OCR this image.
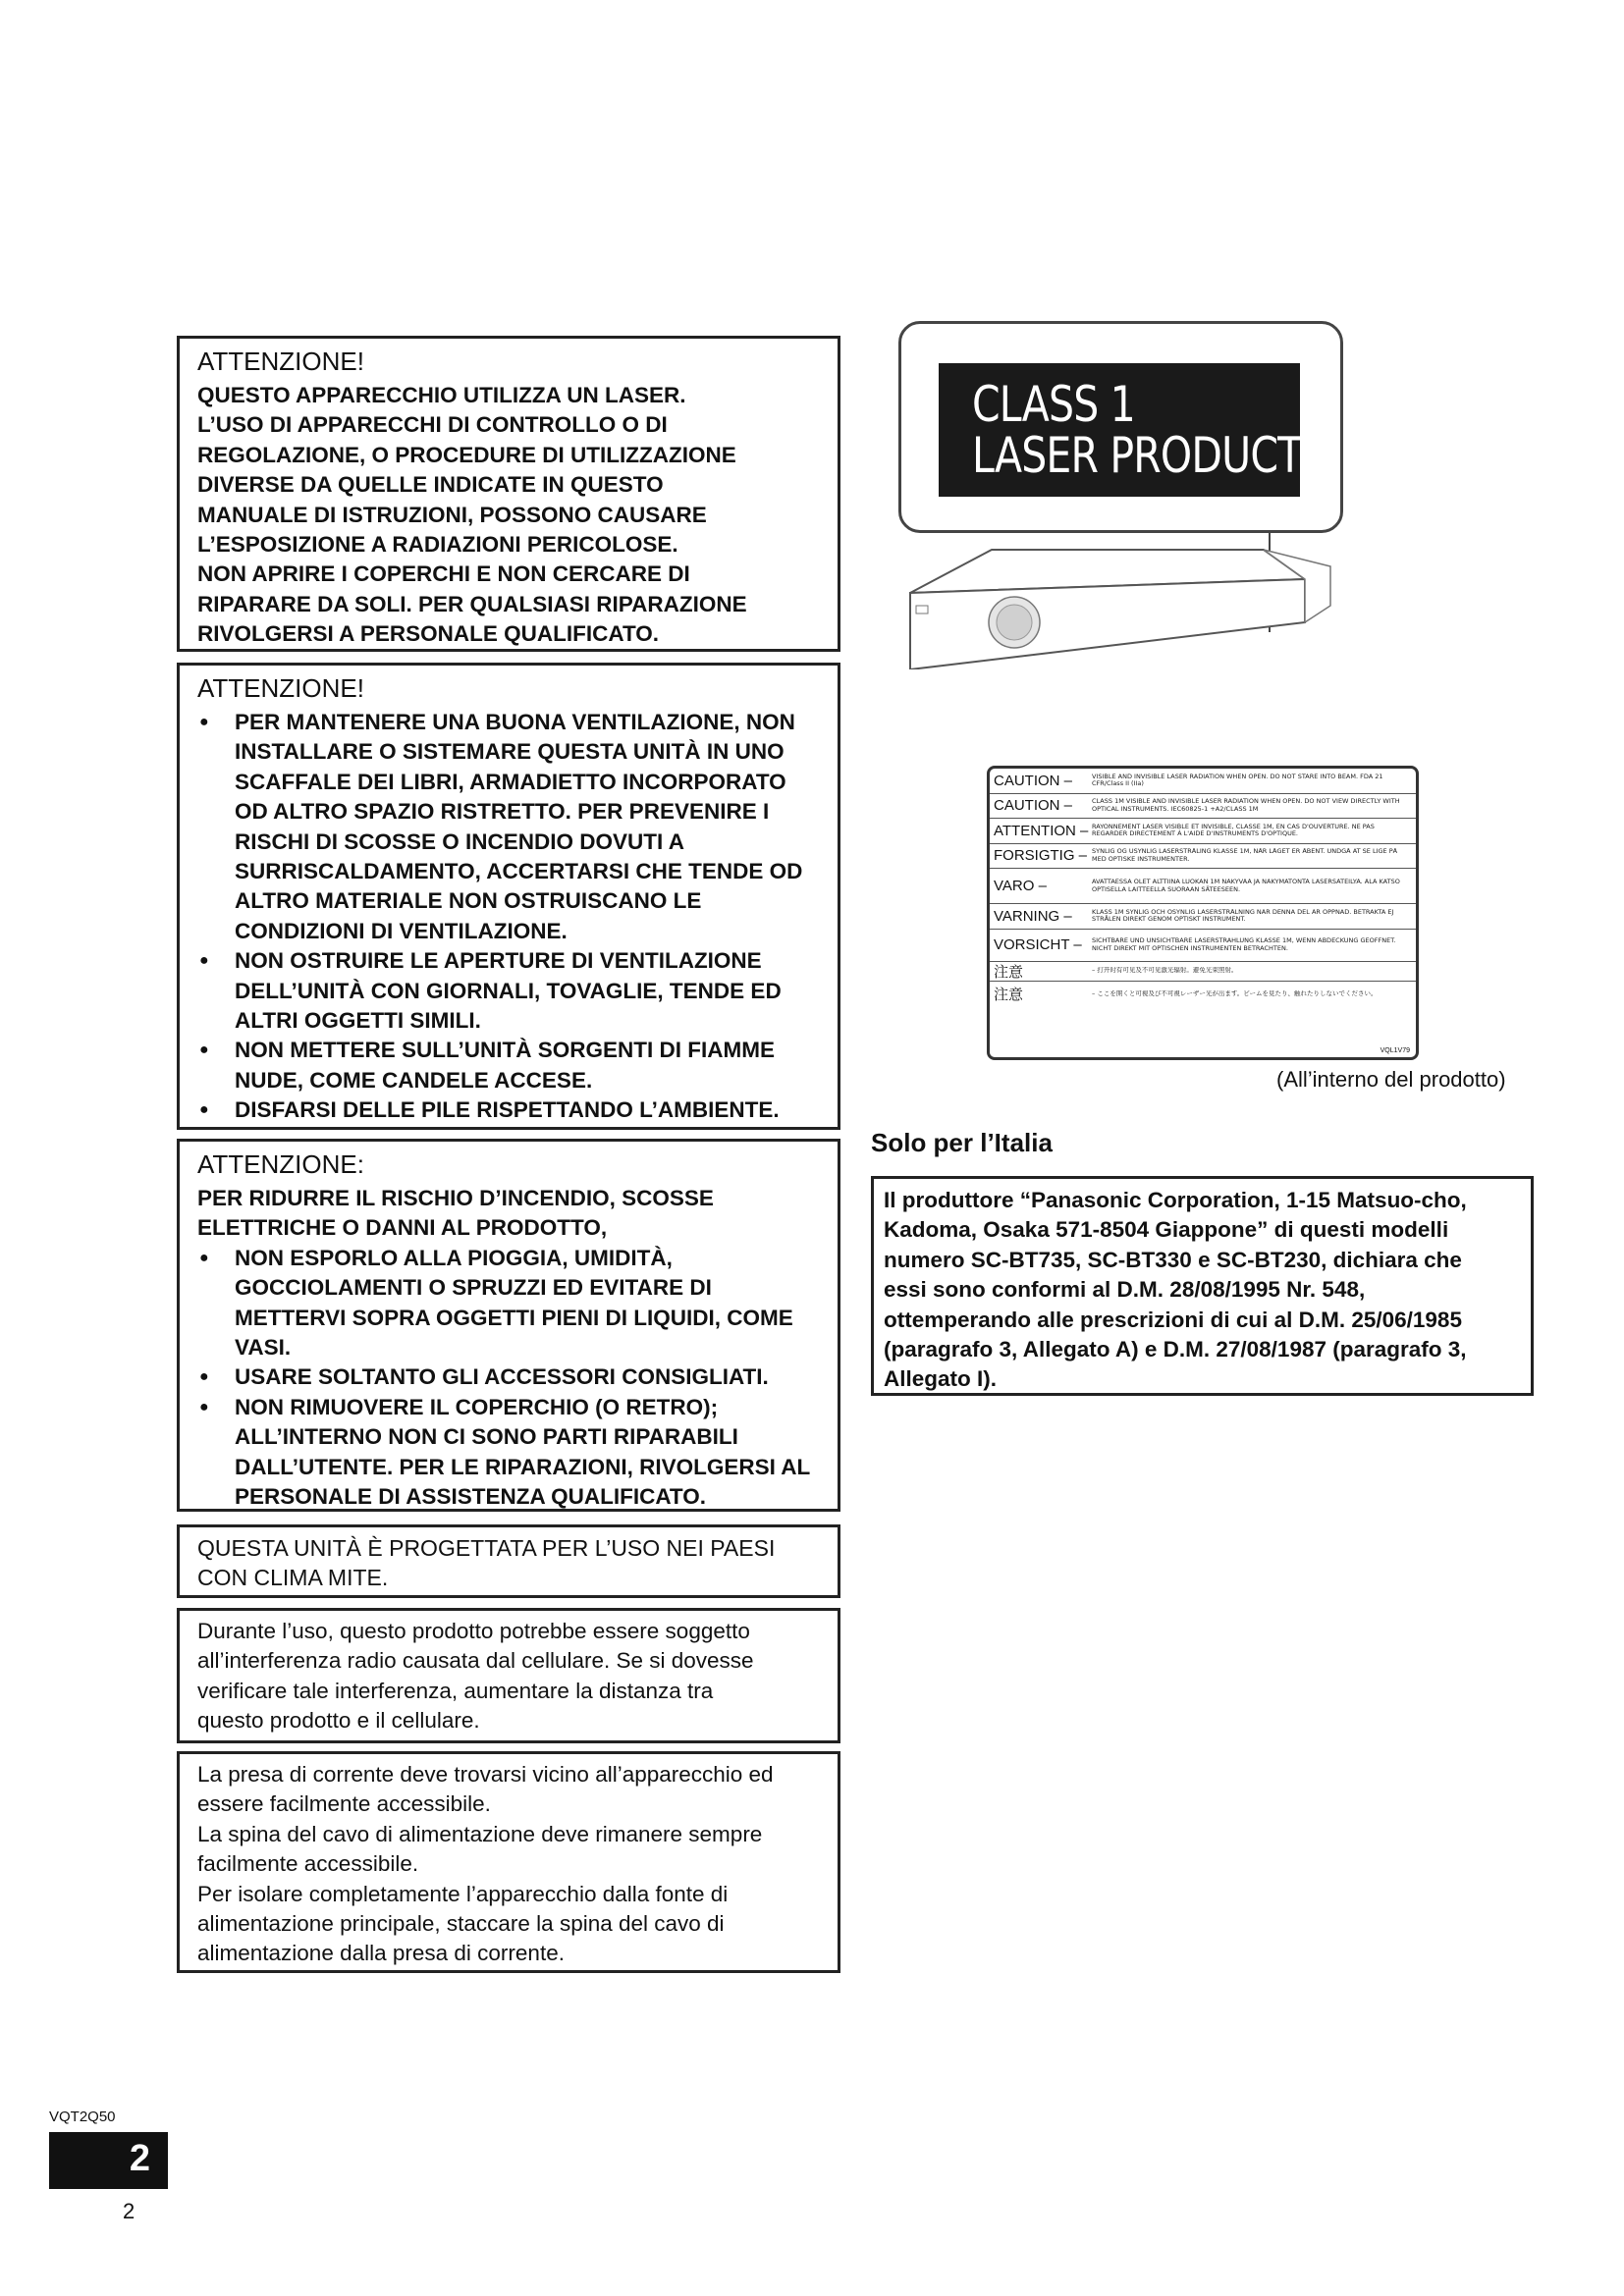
ATTENZIONE!

QUESTO APPARECCHIO UTILIZZA UN LASER.

L’USO DI APPARECCHI DI CONTROLLO O DI

REGOLAZIONE, O PROCEDURE DI UTILIZZAZIONE

DIVERSE DA QUELLE INDICATE IN QUESTO

MANUALE DI ISTRUZIONI, POSSONO CAUSARE

L’ESPOSIZIONE A RADIAZIONI PERICOLOSE.

NON APRIRE I COPERCHI E NON CERCARE DI

RIPARARE DA SOLI. PER QUALSIASI RIPARAZIONE

RIVOLGERSI A PERSONALE QUALIFICATO.

ATTENZIONE!
● PER MANTENERE UNA BUONA VENTILAZIONE, NON INSTALLARE O SISTEMARE QUESTA UNITÀ IN UNO SCAFFALE DEI LIBRI, ARMADIETTO INCORPORATO OD ALTRO SPAZIO RISTRETTO. PER PREVENIRE I RISCHI DI SCOSSE O INCENDIO DOVUTI A SURRISCALDAMENTO, ACCERTARSI CHE TENDE OD ALTRO MATERIALE NON OSTRUISCANO LE CONDIZIONI DI VENTILAZIONE.
● NON OSTRUIRE LE APERTURE DI VENTILAZIONE DELL’UNITÀ CON GIORNALI, TOVAGLIE, TENDE ED ALTRI OGGETTI SIMILI.
● NON METTERE SULL’UNITÀ SORGENTI DI FIAMME NUDE, COME CANDELE ACCESE.
● DISFARSI DELLE PILE RISPETTANDO L’AMBIENTE.
ATTENZIONE:

PER RIDURRE IL RISCHIO D’INCENDIO, SCOSSE

ELETTRICHE O DANNI AL PRODOTTO,

● NON ESPORLO ALLA PIOGGIA, UMIDITÀ, GOCCIOLAMENTI O SPRUZZI ED EVITARE DI METTERVI SOPRA OGGETTI PIENI DI LIQUIDI, COME VASI.
● USARE SOLTANTO GLI ACCESSORI CONSIGLIATI.
● NON RIMUOVERE IL COPERCHIO (O RETRO); ALL’INTERNO NON CI SONO PARTI RIPARABILI DALL’UTENTE. PER LE RIPARAZIONI, RIVOLGERSI AL PERSONALE DI ASSISTENZA QUALIFICATO.

QUESTA UNITÀ È PROGETTATA PER L’USO NEI PAESI

CON CLIMA MITE.

Durante l’uso, questo prodotto potrebbe essere soggetto

all’interferenza radio causata dal cellulare. Se si dovesse

verificare tale interferenza, aumentare la distanza tra

questo prodotto e il cellulare.

La presa di corrente deve trovarsi vicino all’apparecchio ed

essere facilmente accessibile.

La spina del cavo di alimentazione deve rimanere sempre

facilmente accessibile.

Per isolare completamente l’apparecchio dalla fonte di

alimentazione principale, staccare la spina del cavo di

alimentazione dalla presa di corrente.

CLASS 1
LASER PRODUCT
CAUTION –	VISIBLE AND INVISIBLE LASER RADIATION WHEN OPEN. DO NOT STARE INTO BEAM. FDA 21 CFR/Class II (IIa)
CAUTION –	CLASS 1M VISIBLE AND INVISIBLE LASER RADIATION WHEN OPEN. DO NOT VIEW DIRECTLY WITH OPTICAL INSTRUMENTS. IEC60825-1 +A2/CLASS 1M
ATTENTION – RAYONNEMENT LASER VISIBLE ET INVISIBLE, CLASSE 1M, EN CAS D'OUVERTURE. NE PAS REGARDER DIRECTEMENT À L'AIDE D'INSTRUMENTS D'OPTIQUE.
FORSIGTIG – SYNLIG OG USYNLIG LASERSTRÅLING KLASSE 1M, NÅR LÅGET ER ÅBENT. UNDGÅ AT SE LIGE PÅ MED OPTISKE INSTRUMENTER.
VARO –	AVATTAESSA OLET ALTTIINA LUOKAN 1M NÄKYVÄÄ JA NÄKYMÄTÖNTÄ LASERSÄTEILYÄ. ÄLÄ KATSO OPTISELLA LAITTEELLA SUORAAN SÄTEESEEN.
VARNING –	KLASS 1M SYNLIG OCH OSYNLIG LASERSTRÅLNING NÄR DENNA DEL ÄR ÖPPNAD. BETRAKTA EJ STRÅLEN DIREKT GENOM OPTISKT INSTRUMENT.
VORSICHT –	SICHTBARE UND UNSICHTBARE LASERSTRAHLUNG KLASSE 1M, WENN ABDECKUNG GEÖFFNET. NICHT DIREKT MIT OPTISCHEN INSTRUMENTEN BETRACHTEN.
注意	– 打开时有可见及不可见激光辐射。避免光束照射。
注意	– ここを開くと可視及び不可視レーザー光が出ます。ビームを見たり、触れたりしないでください。
VQL1V79
(All’interno del prodotto)
Solo per l’Italia

Il produttore “Panasonic Corporation, 1-15 Matsuo-cho,

Kadoma, Osaka 571-8504 Giappone” di questi modelli

numero SC-BT735, SC-BT330 e SC-BT230, dichiara che

essi sono conformi al D.M. 28/08/1995 Nr. 548,

ottemperando alle prescrizioni di cui al D.M. 25/06/1985

(paragrafo 3, Allegato A) e D.M. 27/08/1987 (paragrafo 3,

Allegato I).

VQT2Q50
2
2
